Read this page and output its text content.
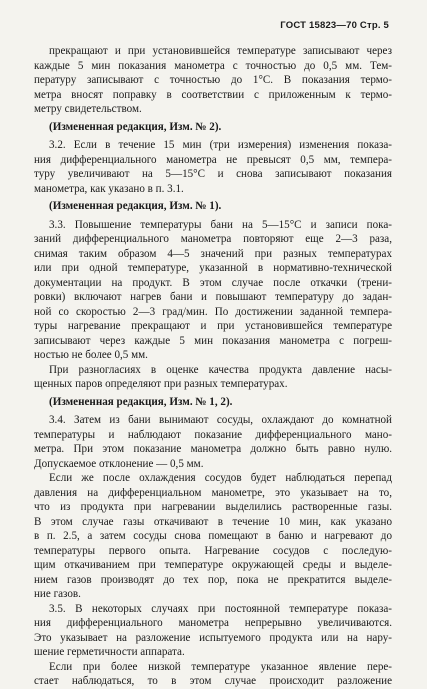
ГОСТ 15823—70 Стр. 5
прекращают и при установившейся температуре записывают через
каждые 5 мин показания манометра с точностью до 0,5 мм. Тем-
пературу записывают с точностью до 1°С. В показания термо-
метра вносят поправку в соответствии с приложенным к термо-
метру свидетельством.
(Измененная редакция, Изм. № 2).
3.2. Если в течение 15 мин (три измерения) изменения показа-
ния дифференциального манометра не превысят 0,5 мм, темпера-
туру увеличивают на 5—15°С и снова записывают показания
манометра, как указано в п. 3.1.
(Измененная редакция, Изм. № 1).
3.3. Повышение температуры бани на 5—15°С и записи пока-
заний дифференциального манометра повторяют еще 2—3 раза,
снимая таким образом 4—5 значений при разных температурах
или при одной температуре, указанной в нормативно-технической
документации на продукт. В этом случае после откачки (трени-
ровки) включают нагрев бани и повышают температуру до задан-
ной со скоростью 2—3 град/мин. По достижении заданной темпера-
туры нагревание прекращают и при установившейся температуре
записывают через каждые 5 мин показания манометра с погреш-
ностью не более 0,5 мм.
При разногласиях в оценке качества продукта давление насы-
щенных паров определяют при разных температурах.
(Измененная редакция, Изм. № 1, 2).
3.4. Затем из бани вынимают сосуды, охлаждают до комнатной
температуры и наблюдают показание дифференциального мано-
метра. При этом показание манометра должно быть равно нулю.
Допускаемое отклонение — 0,5 мм.
Если же после охлаждения сосудов будет наблюдаться перепад
давления на дифференциальном манометре, это указывает на то,
что из продукта при нагревании выделились растворенные газы.
В этом случае газы откачивают в течение 10 мин, как указано
в п. 2.5, а затем сосуды снова помещают в баню и нагревают до
температуры первого опыта. Нагревание сосудов с последую-
щим откачиванием при температуре окружающей среды и выделе-
нием газов производят до тех пор, пока не прекратится выделе-
ние газов.
3.5. В некоторых случаях при постоянной температуре показа-
ния дифференциального манометра непрерывно увеличиваются.
Это указывает на разложение испытуемого продукта или на нару-
шение герметичности аппарата.
Если при более низкой температуре указанное явление пере-
стает наблюдаться, то в этом случае происходит разложение
